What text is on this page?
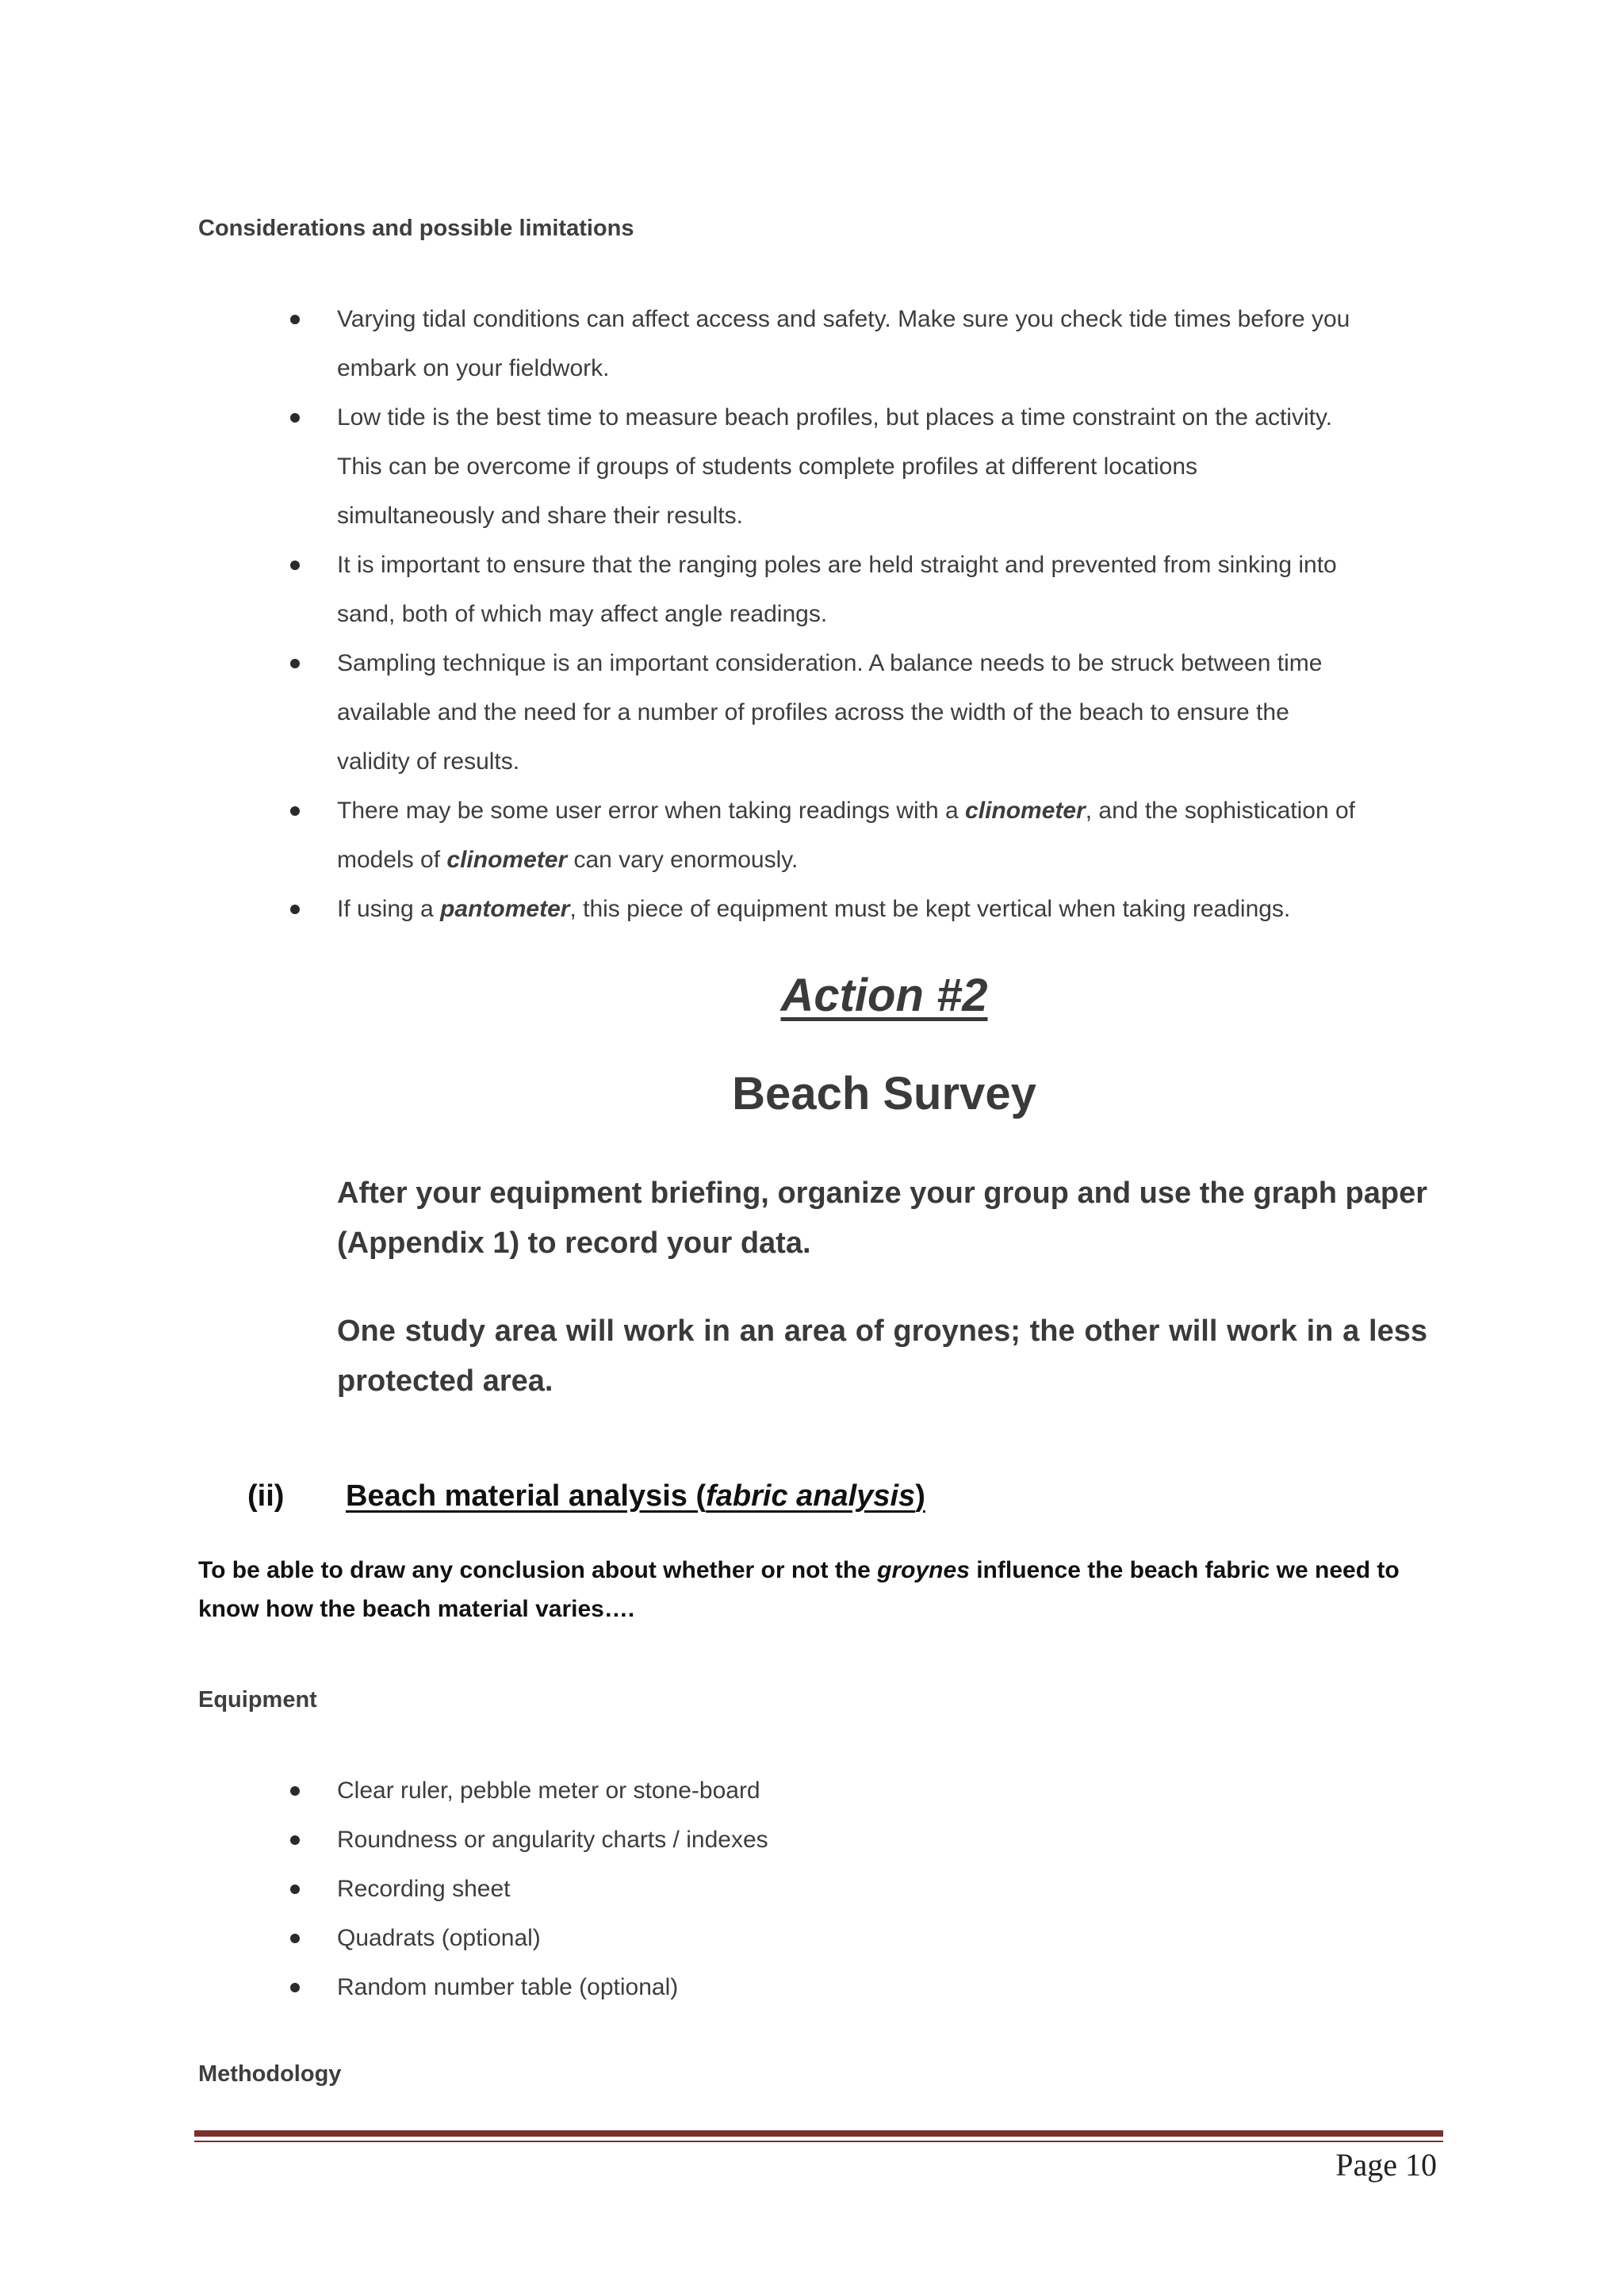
Considerations and possible limitations
Varying tidal conditions can affect access and safety. Make sure you check tide times before you
embark on your fieldwork.
Low tide is the best time to measure beach profiles, but places a time constraint on the activity.
This can be overcome if groups of students complete profiles at different locations
simultaneously and share their results.
It is important to ensure that the ranging poles are held straight and prevented from sinking into
sand, both of which may affect angle readings.
Sampling technique is an important consideration. A balance needs to be struck between time
available and the need for a number of profiles across the width of the beach to ensure the
validity of results.
There may be some user error when taking readings with a clinometer, and the sophistication of
models of clinometer can vary enormously.
If using a pantometer, this piece of equipment must be kept vertical when taking readings.
Action #2
Beach Survey
After your equipment briefing, organize your group and use the graph paper
(Appendix 1) to record your data.
One study area will work in an area of groynes; the other will work in a less
protected area.
(ii) Beach material analysis (fabric analysis)
To be able to draw any conclusion about whether or not the groynes influence the beach fabric we need to
know how the beach material varies….
Equipment
Clear ruler, pebble meter or stone-board
Roundness or angularity charts / indexes
Recording sheet
Quadrats (optional)
Random number table (optional)
Methodology
Page 10
